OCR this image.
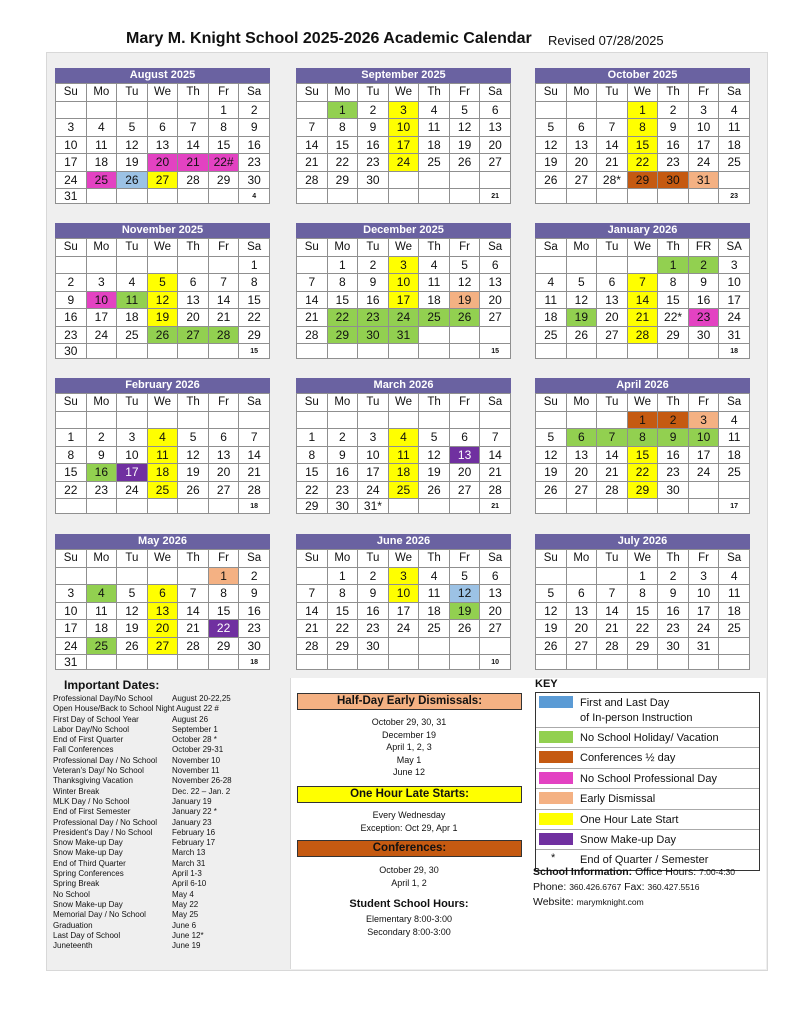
Mary M. Knight School 2025-2026 Academic Calendar Revised 07/28/2025
August 2025
Su	Mo	Tu	We	Th	Fr	Sa
					1	2
3	4	5	6	7	8	9
10	11	12	13	14	15	16
17	18	19	20	21	22#	23
24	25	26	27	28	29	30
31						4
September 2025
Su	Mo	Tu	We	Th	Fr	Sa
	1	2	3	4	5	6
7	8	9	10	11	12	13
14	15	16	17	18	19	20
21	22	23	24	25	26	27
28	29	30				
						21
October 2025
Su	Mo	Tu	We	Th	Fr	Sa
			1	2	3	4
5	6	7	8	9	10	11
12	13	14	15	16	17	18
19	20	21	22	23	24	25
26	27	28*	29	30	31	
						23
November 2025
Su	Mo	Tu	We	Th	Fr	Sa
						1
2	3	4	5	6	7	8
9	10	11	12	13	14	15
16	17	18	19	20	21	22
23	24	25	26	27	28	29
30						15
December 2025
Su	Mo	Tu	We	Th	Fr	Sa
	1	2	3	4	5	6
7	8	9	10	11	12	13
14	15	16	17	18	19	20
21	22	23	24	25	26	27
28	29	30	31			
						15
January 2026
Sa	Mo	Tu	We	Th	FR	SA
				1	2	3
4	5	6	7	8	9	10
11	12	13	14	15	16	17
18	19	20	21	22*	23	24
25	26	27	28	29	30	31
						18
February 2026
Su	Mo	Tu	We	Th	Fr	Sa

1	2	3	4	5	6	7
8	9	10	11	12	13	14
15	16	17	18	19	20	21
22	23	24	25	26	27	28
						18
March 2026
Su	Mo	Tu	We	Th	Fr	Sa

1	2	3	4	5	6	7
8	9	10	11	12	13	14
15	16	17	18	19	20	21
22	23	24	25	26	27	28
29	30	31*				21
April 2026
Su	Mo	Tu	We	Th	Fr	Sa
			1	2	3	4
5	6	7	8	9	10	11
12	13	14	15	16	17	18
19	20	21	22	23	24	25
26	27	28	29	30		
						17
May 2026
Su	Mo	Tu	We	Th	Fr	Sa
					1	2
3	4	5	6	7	8	9
10	11	12	13	14	15	16
17	18	19	20	21	22	23
24	25	26	27	28	29	30
31						18
June 2026
Su	Mo	Tu	We	Th	Fr	Sa
	1	2	3	4	5	6
7	8	9	10	11	12	13
14	15	16	17	18	19	20
21	22	23	24	25	26	27
28	29	30				
						10
July 2026
Su	Mo	Tu	We	Th	Fr	Sa
			1	2	3	4
5	6	7	8	9	10	11
12	13	14	15	16	17	18
19	20	21	22	23	24	25
26	27	28	29	30	31	

Important Dates:
Professional Day/No School August 20-22,25
Open House/Back to School Night August 22 #
First Day of School Year	August 26
Labor Day/No School	September 1
End of First Quarter	October 28 *
Fall Conferences	October 29-31
Professional Day / No School November 10
Veteran's Day/ No School	November 11
Thanksgiving Vacation	November 26-28
Winter Break	Dec. 22 – Jan. 2
MLK Day / No School	January 19
End of First Semester	January 22 *
Professional Day / No School January 23
President's Day / No School February 16
Snow Make-up Day	February 17
Snow Make-up Day	March 13
End of Third Quarter	March 31
Spring Conferences	April 1-3
Spring Break	April 6-10
No School	May 4
Snow Make-up Day	May 22
Memorial Day / No School	May 25
Graduation	June 6
Last Day of School	June 12*
Juneteenth	June 19
Half-Day Early Dismissals:
October 29, 30, 31
December 19
April 1, 2, 3
May 1
June 12
One Hour Late Starts:
Every Wednesday
Exception: Oct 29, Apr 1
Conferences:
October 29, 30
April 1, 2
Student School Hours:
Elementary 8:00-3:00
Secondary 8:00-3:00
KEY
First and Last Day
of In-person Instruction
No School Holiday/ Vacation
Conferences ½ day
No School Professional Day
Early Dismissal
One Hour Late Start
Snow Make-up Day
* End of Quarter / Semester
School Information: Office Hours: 7:00-4:30
Phone: 360.426.6767 Fax: 360.427.5516
Website: marymknight.com
